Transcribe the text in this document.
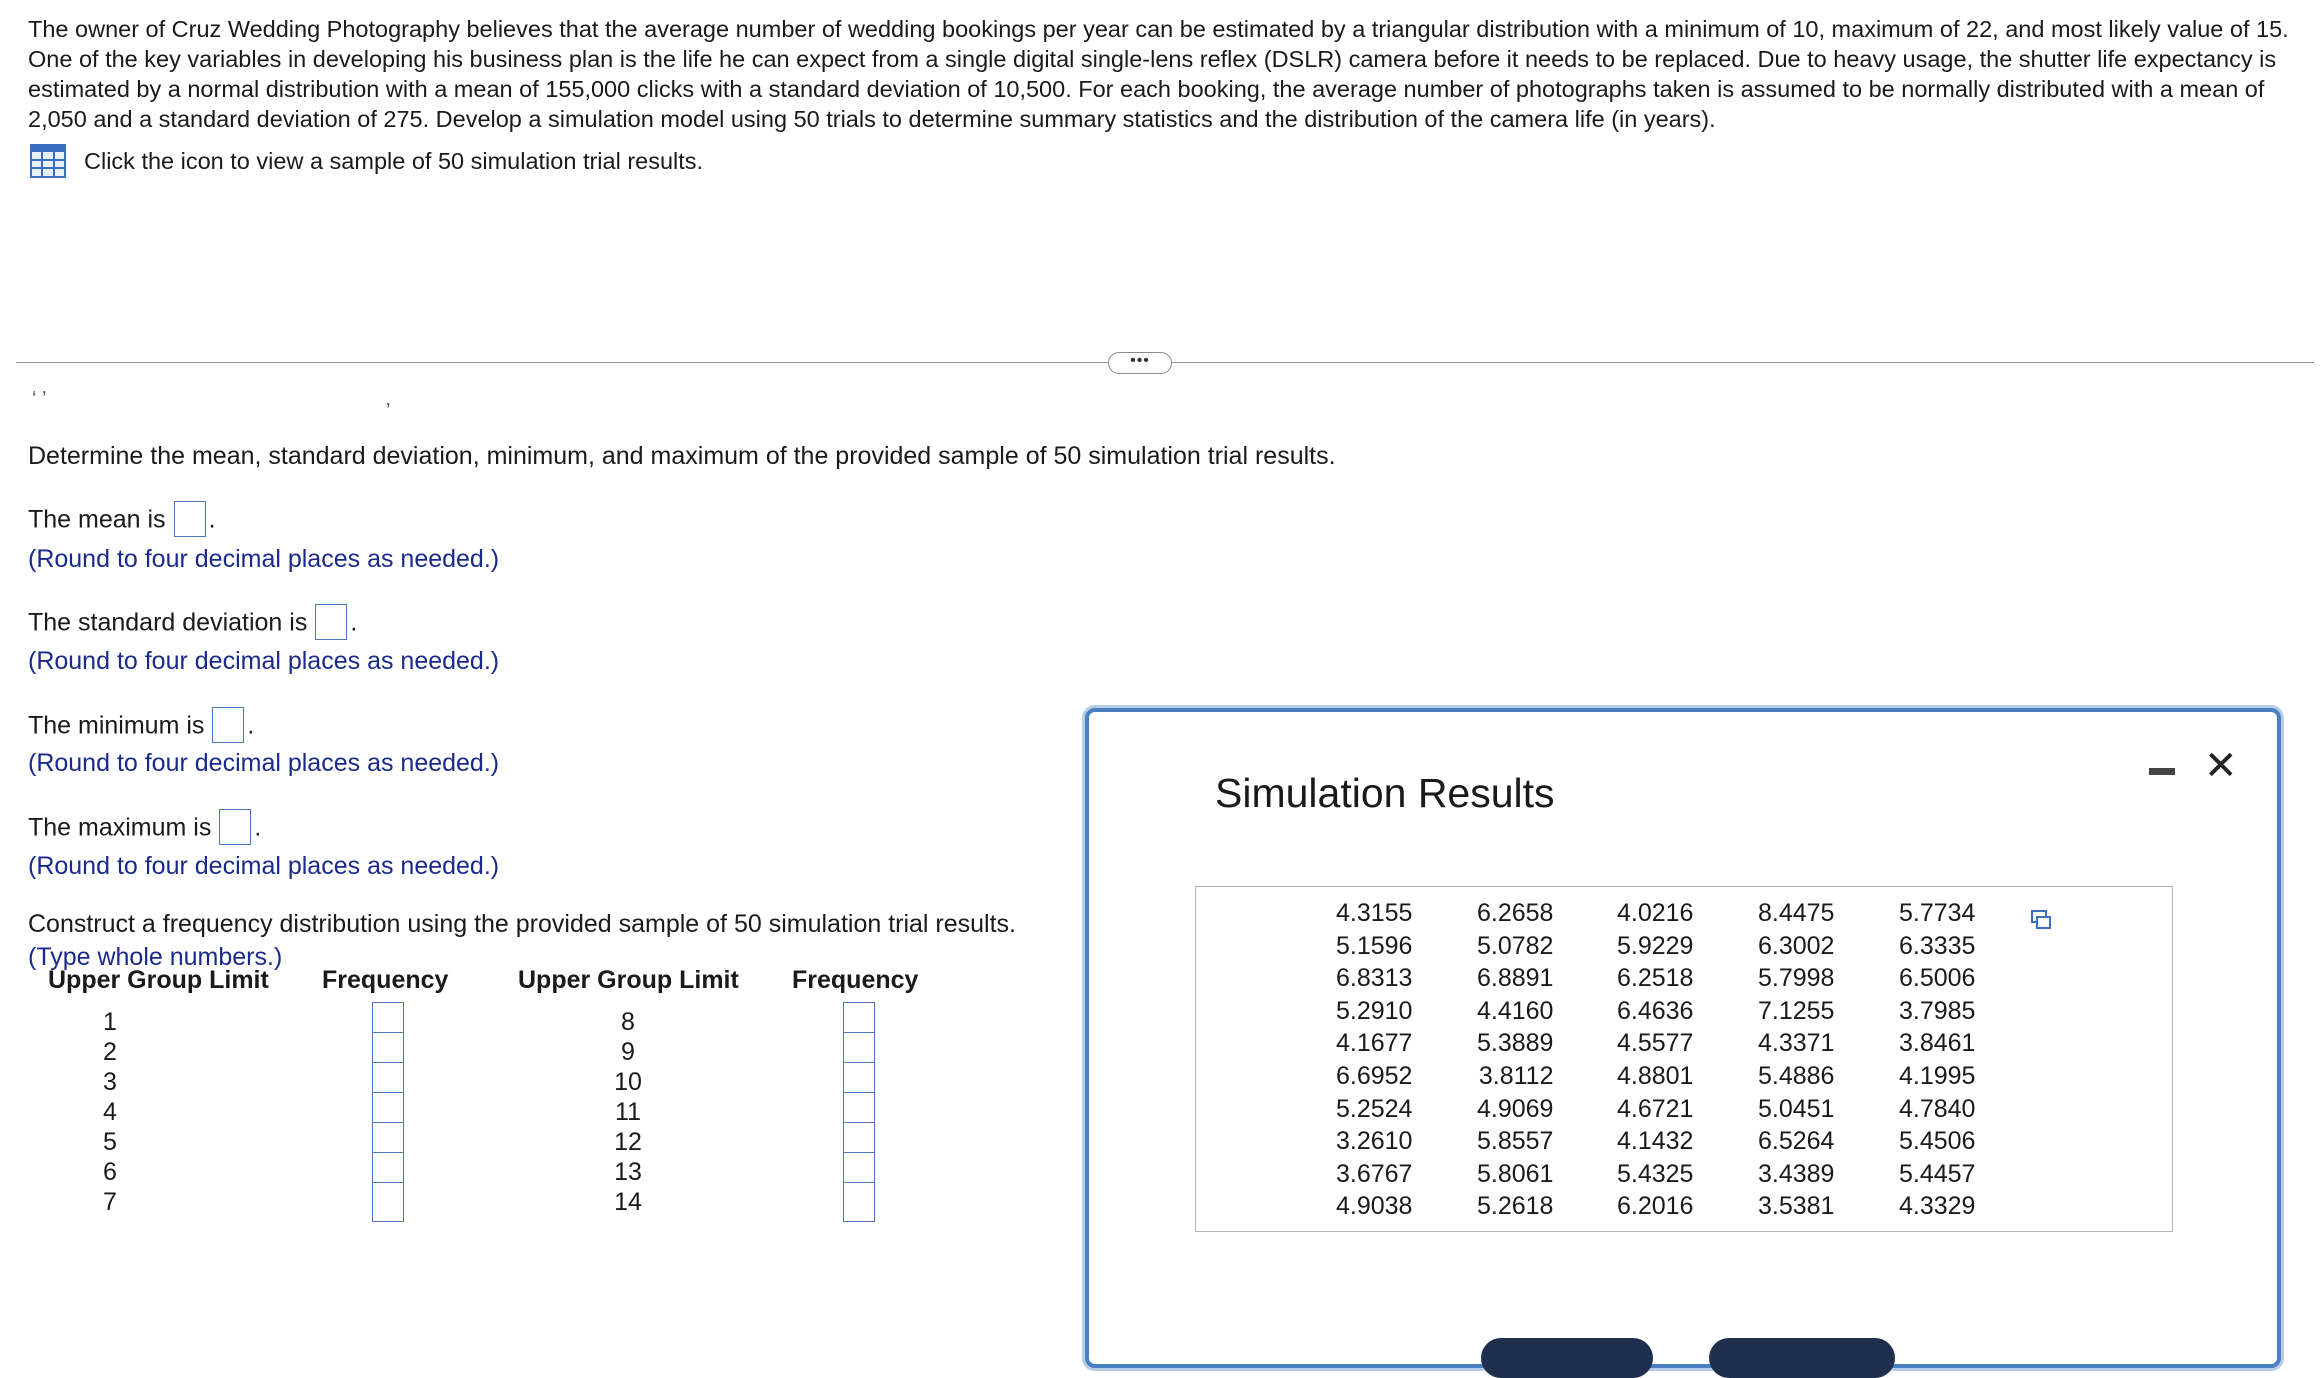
The owner of Cruz Wedding Photography believes that the average number of wedding bookings per year can be estimated by a triangular distribution with a minimum of 10, maximum of 22, and most likely value of 15. One of the key variables in developing his business plan is the life he can expect from a single digital single-lens reflex (DSLR) camera before it needs to be replaced. Due to heavy usage, the shutter life expectancy is estimated by a normal distribution with a mean of 155,000 clicks with a standard deviation of 10,500. For each booking, the average number of photographs taken is assumed to be normally distributed with a mean of 2,050 and a standard deviation of 275. Develop a simulation model using 50 trials to determine summary statistics and the distribution of the camera life (in years).

Click the icon to view a sample of 50 simulation trial results.
•••
‘ ’                                                             ,
Determine the mean, standard deviation, minimum, and maximum of the provided sample of 50 simulation trial results.
The mean is .
(Round to four decimal places as needed.)
The standard deviation is .
(Round to four decimal places as needed.)
The minimum is .
(Round to four decimal places as needed.)
The maximum is .
(Round to four decimal places as needed.)
Construct a frequency distribution using the provided sample of 50 simulation trial results.
(Type whole numbers.)
Upper Group Limit Frequency	Upper Group Limit Frequency
1
2
3
4
5
6
7
8
9
10
11
12
13
14
Simulation Results
✕
4.3155
5.1596
6.8313
5.2910
4.1677
6.6952
5.2524
3.2610
3.6767
4.9038
6.2658
5.0782
6.8891
4.4160
5.3889
3.8112
4.9069
5.8557
5.8061
5.2618
4.0216
5.9229
6.2518
6.4636
4.5577
4.8801
4.6721
4.1432
5.4325
6.2016
8.4475
6.3002
5.7998
7.1255
4.3371
5.4886
5.0451
6.5264
3.4389
3.5381
5.7734
6.3335
6.5006
3.7985
3.8461
4.1995
4.7840
5.4506
5.4457
4.3329
